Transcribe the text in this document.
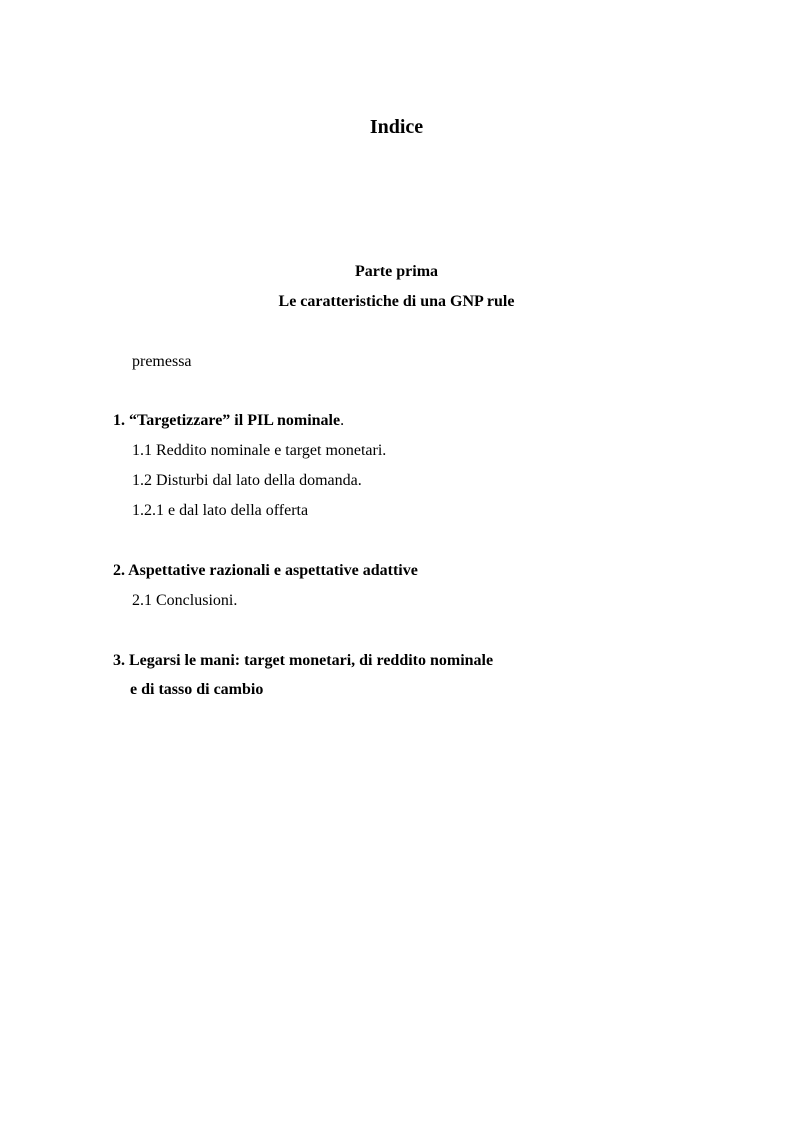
Indice
Parte prima
Le caratteristiche di una GNP rule
premessa
1. “Targetizzare” il PIL nominale.
1.1 Reddito nominale e target monetari.
1.2 Disturbi dal lato della domanda.
1.2.1 e dal lato della offerta
2. Aspettative razionali e aspettative adattive
2.1 Conclusioni.
3. Legarsi le mani: target monetari, di reddito nominale
e di tasso di cambio
